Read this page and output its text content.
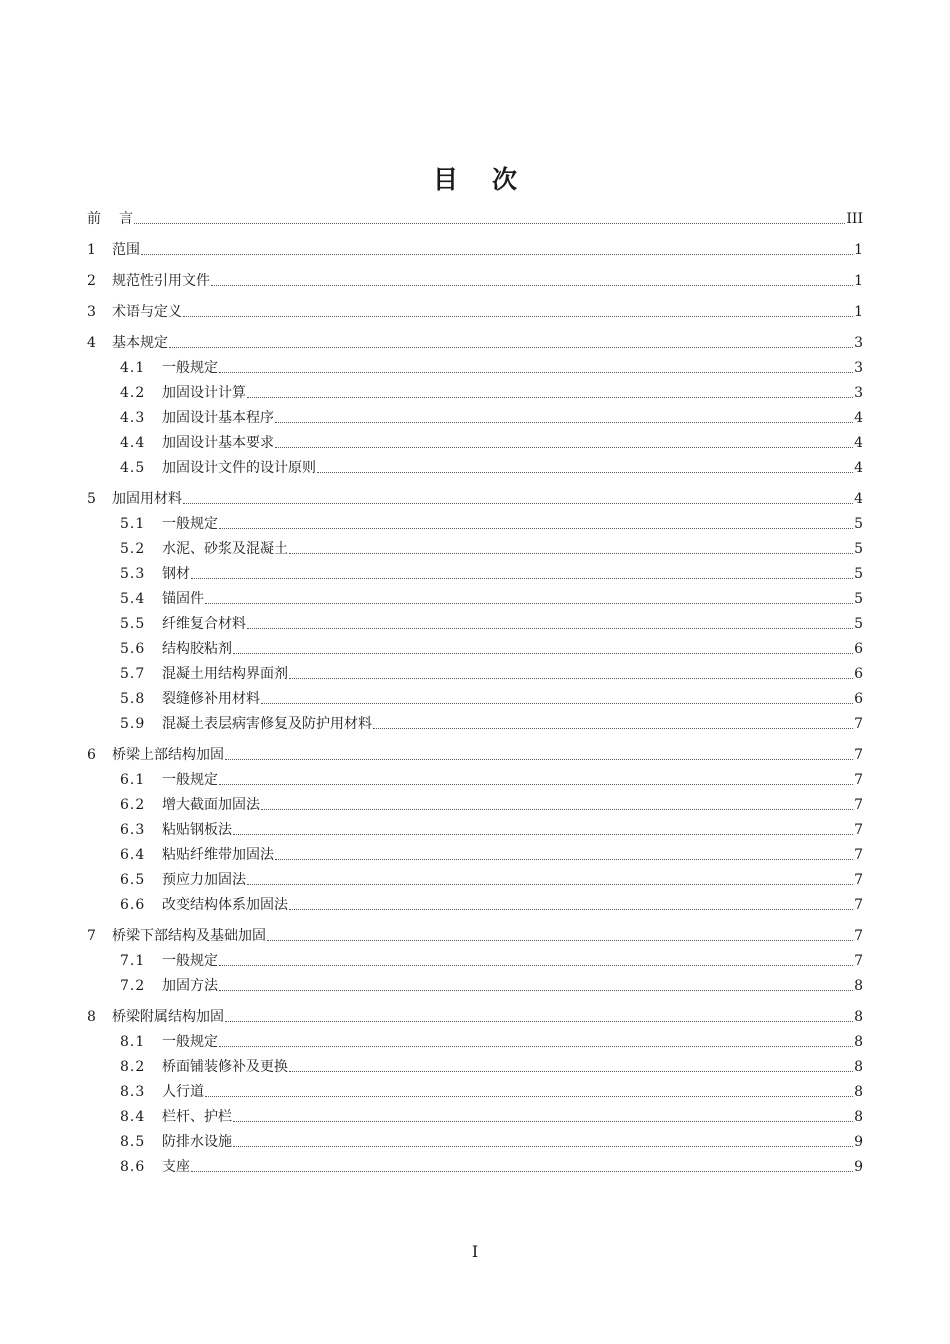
目 次
前 言	III
1	范围	1
2	规范性引用文件	1
3	术语与定义	1
4	基本规定	3
4.1	一般规定	3
4.2	加固设计计算	3
4.3	加固设计基本程序	4
4.4	加固设计基本要求	4
4.5	加固设计文件的设计原则	4
5	加固用材料	4
5.1	一般规定	5
5.2	水泥、砂浆及混凝土	5
5.3	钢材	5
5.4	锚固件	5
5.5	纤维复合材料	5
5.6	结构胶粘剂	6
5.7	混凝土用结构界面剂	6
5.8	裂缝修补用材料	6
5.9	混凝土表层病害修复及防护用材料	7
6	桥梁上部结构加固	7
6.1	一般规定	7
6.2	增大截面加固法	7
6.3	粘贴钢板法	7
6.4	粘贴纤维带加固法	7
6.5	预应力加固法	7
6.6	改变结构体系加固法	7
7	桥梁下部结构及基础加固	7
7.1	一般规定	7
7.2	加固方法	8
8	桥梁附属结构加固	8
8.1	一般规定	8
8.2	桥面铺装修补及更换	8
8.3	人行道	8
8.4	栏杆、护栏	8
8.5	防排水设施	9
8.6	支座	9
I
